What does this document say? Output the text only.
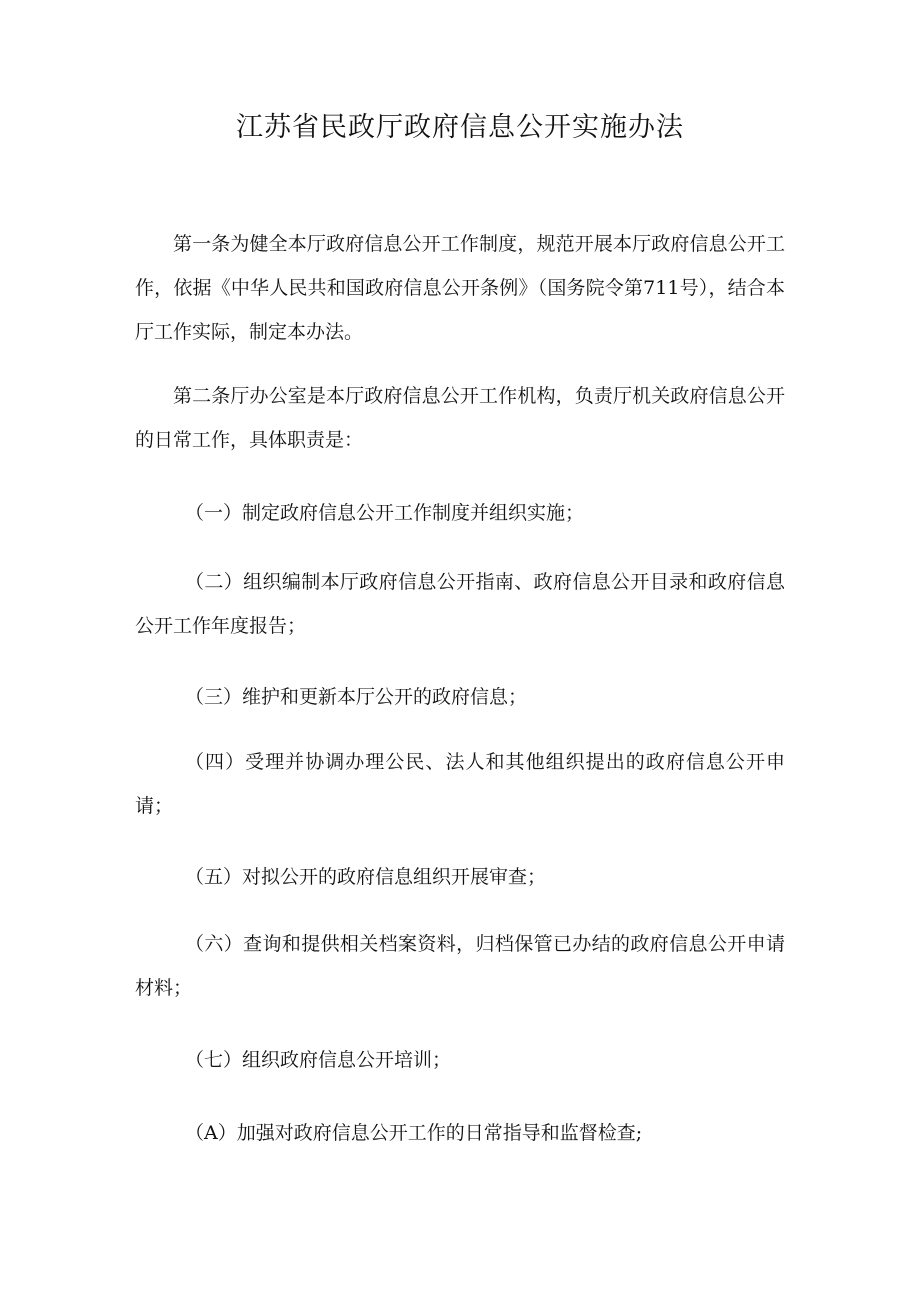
江苏省民政厅政府信息公开实施办法

第一条为健全本厅政府信息公开工作制度，规范开展本厅政府信息公开工作，依据《中华人民共和国政府信息公开条例》（国务院令第711号），结合本厅工作实际，制定本办法。

第二条厅办公室是本厅政府信息公开工作机构，负责厅机关政府信息公开的日常工作，具体职责是：

（一）制定政府信息公开工作制度并组织实施；

（二）组织编制本厅政府信息公开指南、政府信息公开目录和政府信息公开工作年度报告；

（三）维护和更新本厅公开的政府信息；

（四）受理并协调办理公民、法人和其他组织提出的政府信息公开申请；

（五）对拟公开的政府信息组织开展审查；

（六）查询和提供相关档案资料，归档保管已办结的政府信息公开申请材料；

（七）组织政府信息公开培训；

（A）加强对政府信息公开工作的日常指导和监督检查;
